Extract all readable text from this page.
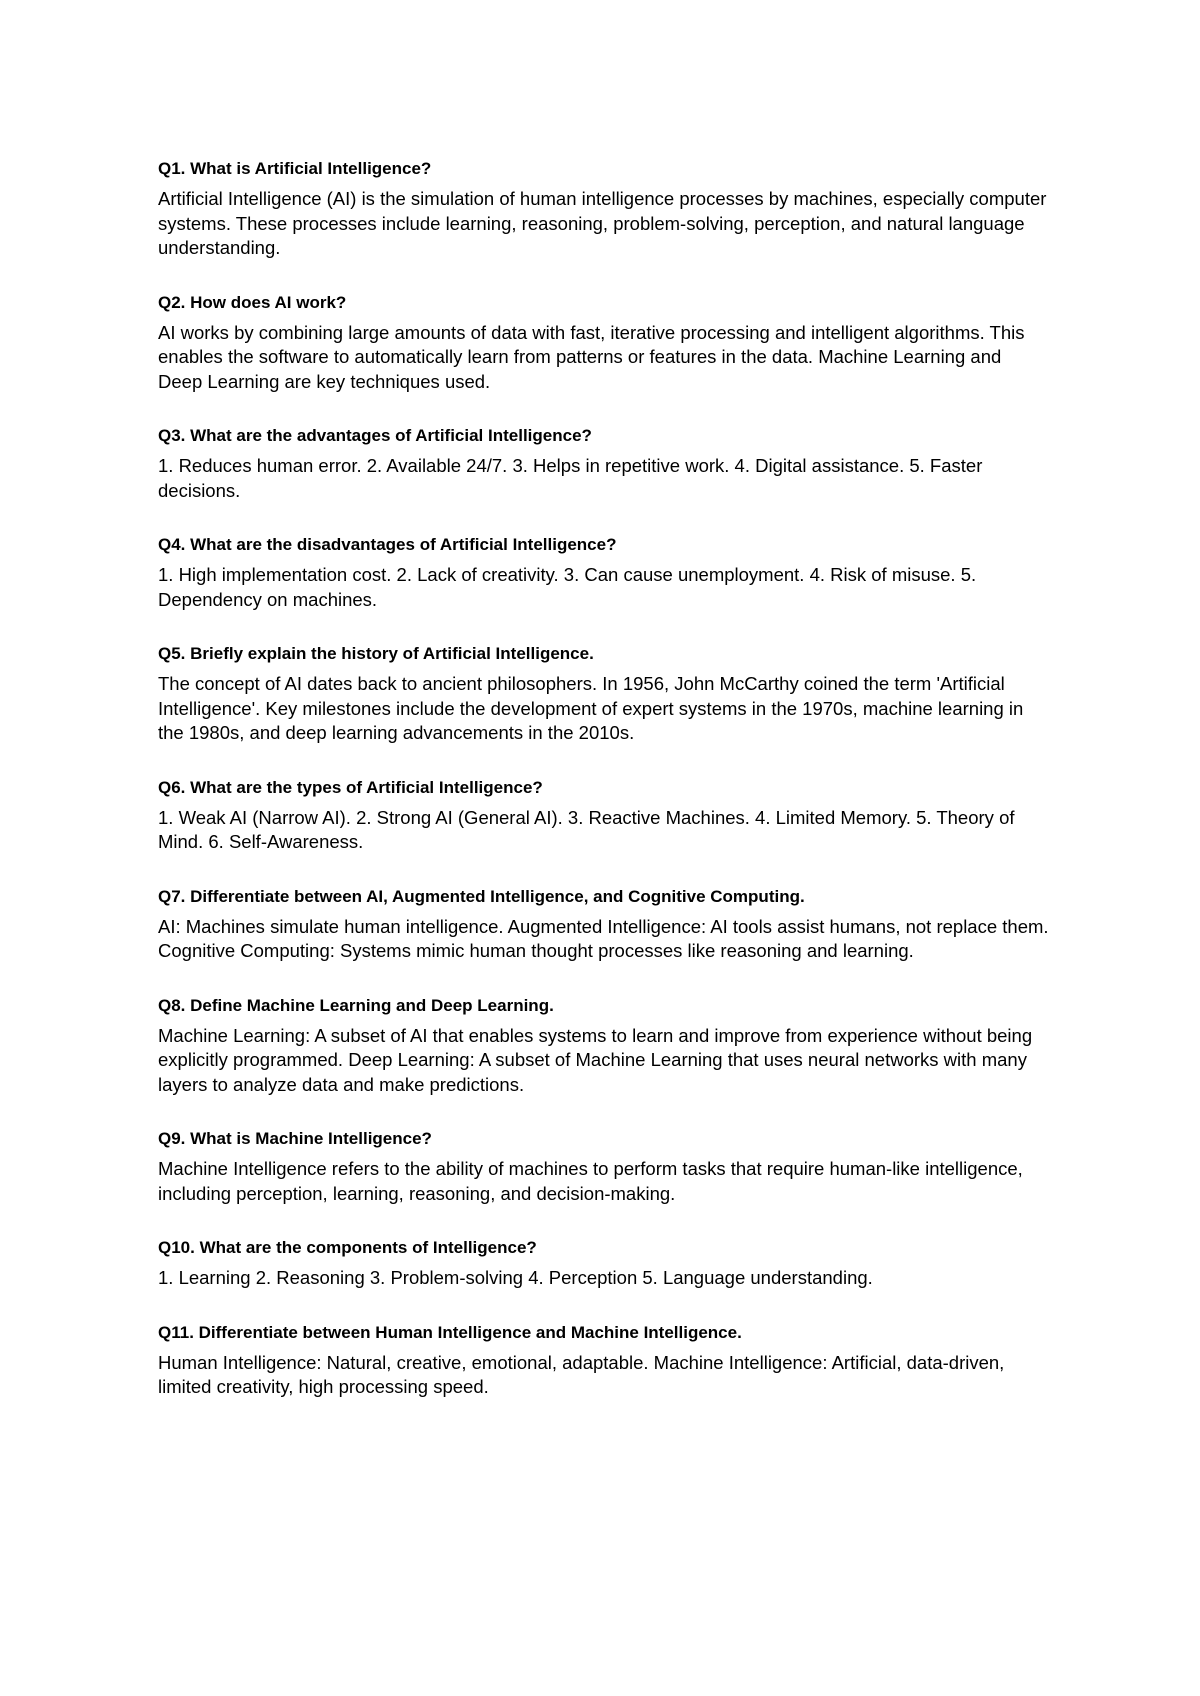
Q1. What is Artificial Intelligence?

Artificial Intelligence (AI) is the simulation of human intelligence processes by machines, especially computer systems. These processes include learning, reasoning, problem-solving, perception, and natural language understanding.

Q2. How does AI work?

AI works by combining large amounts of data with fast, iterative processing and intelligent algorithms. This enables the software to automatically learn from patterns or features in the data. Machine Learning and Deep Learning are key techniques used.

Q3. What are the advantages of Artificial Intelligence?

1. Reduces human error. 2. Available 24/7. 3. Helps in repetitive work. 4. Digital assistance. 5. Faster decisions.

Q4. What are the disadvantages of Artificial Intelligence?

1. High implementation cost. 2. Lack of creativity. 3. Can cause unemployment. 4. Risk of misuse. 5. Dependency on machines.

Q5. Briefly explain the history of Artificial Intelligence.

The concept of AI dates back to ancient philosophers. In 1956, John McCarthy coined the term 'Artificial Intelligence'. Key milestones include the development of expert systems in the 1970s, machine learning in the 1980s, and deep learning advancements in the 2010s.

Q6. What are the types of Artificial Intelligence?

1. Weak AI (Narrow AI). 2. Strong AI (General AI). 3. Reactive Machines. 4. Limited Memory. 5. Theory of Mind. 6. Self-Awareness.

Q7. Differentiate between AI, Augmented Intelligence, and Cognitive Computing.

AI: Machines simulate human intelligence. Augmented Intelligence: AI tools assist humans, not replace them. Cognitive Computing: Systems mimic human thought processes like reasoning and learning.

Q8. Define Machine Learning and Deep Learning.

Machine Learning: A subset of AI that enables systems to learn and improve from experience without being explicitly programmed. Deep Learning: A subset of Machine Learning that uses neural networks with many layers to analyze data and make predictions.

Q9. What is Machine Intelligence?

Machine Intelligence refers to the ability of machines to perform tasks that require human-like intelligence, including perception, learning, reasoning, and decision-making.

Q10. What are the components of Intelligence?

1. Learning 2. Reasoning 3. Problem-solving 4. Perception 5. Language understanding.

Q11. Differentiate between Human Intelligence and Machine Intelligence.

Human Intelligence: Natural, creative, emotional, adaptable. Machine Intelligence: Artificial, data-driven, limited creativity, high processing speed.
